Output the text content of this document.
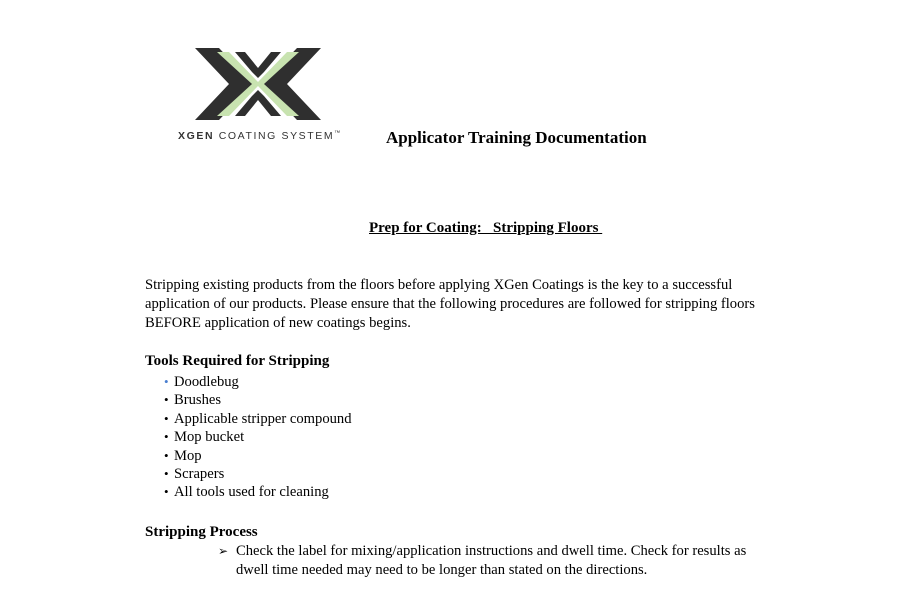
XGEN COATING SYSTEM™	Applicator Training Documentation
Prep for Coating:   Stripping Floors
Stripping existing products from the floors before applying XGen Coatings is the key to a successful application of our products. Please ensure that the following procedures are followed for stripping floors BEFORE application of new coatings begins.
Tools Required for Stripping
• Doodlebug
• Brushes
• Applicable stripper compound
• Mop bucket
• Mop
• Scrapers
• All tools used for cleaning
Stripping Process
➢ Check the label for mixing/application instructions and dwell time. Check for results as dwell time needed may need to be longer than stated on the directions.
